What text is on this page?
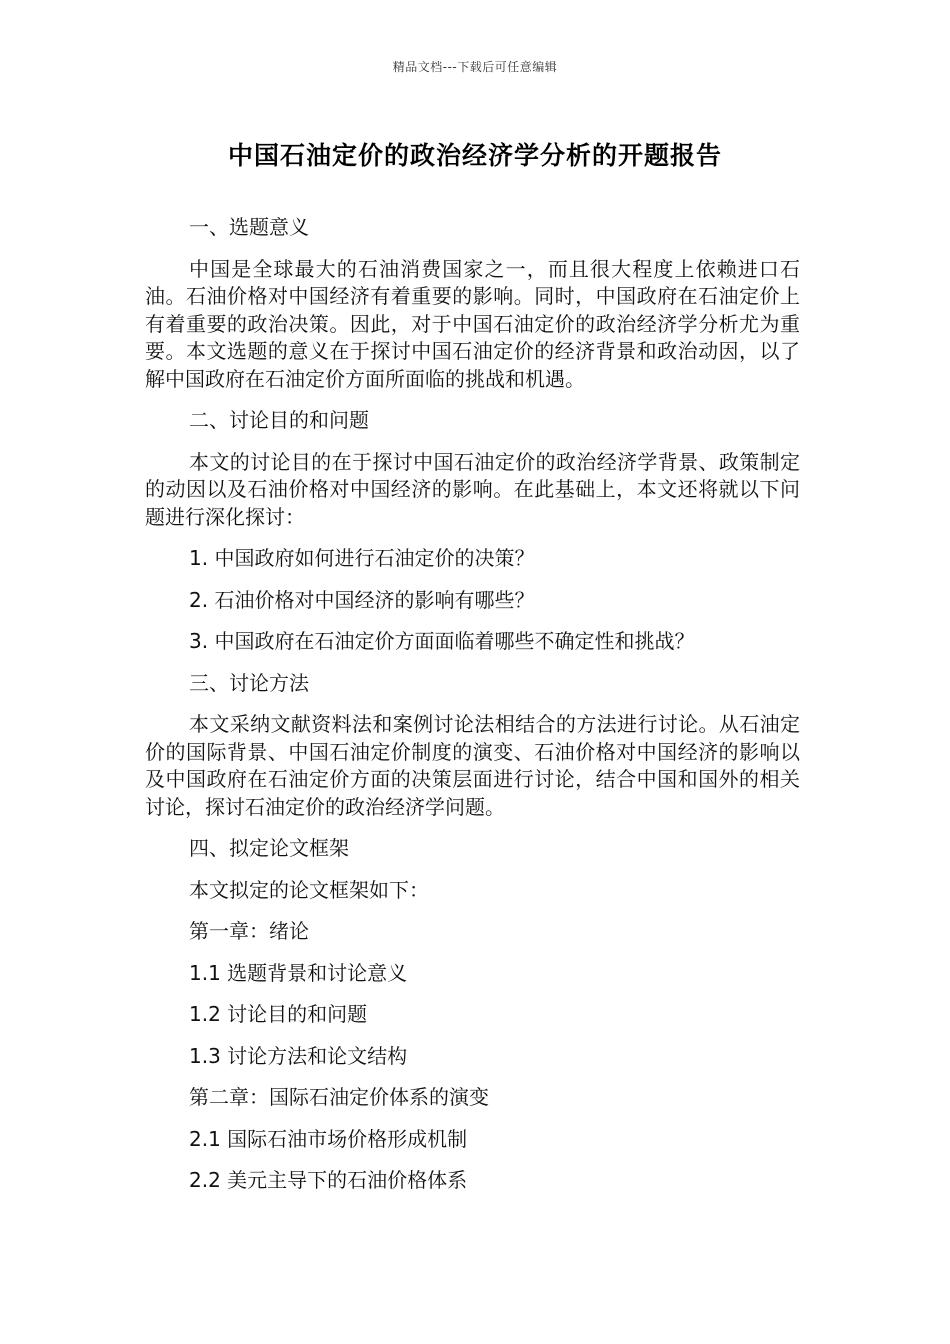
精品文档---下载后可任意编辑
中国石油定价的政治经济学分析的开题报告

一、选题意义

中国是全球最大的石油消费国家之一，而且很大程度上依赖进口石油。石油价格对中国经济有着重要的影响。同时，中国政府在石油定价上有着重要的政治决策。因此，对于中国石油定价的政治经济学分析尤为重要。本文选题的意义在于探讨中国石油定价的经济背景和政治动因，以了解中国政府在石油定价方面所面临的挑战和机遇。

二、讨论目的和问题

本文的讨论目的在于探讨中国石油定价的政治经济学背景、政策制定的动因以及石油价格对中国经济的影响。在此基础上，本文还将就以下问题进行深化探讨：

1. 中国政府如何进行石油定价的决策？

2. 石油价格对中国经济的影响有哪些？

3. 中国政府在石油定价方面面临着哪些不确定性和挑战？

三、讨论方法

本文采纳文献资料法和案例讨论法相结合的方法进行讨论。从石油定价的国际背景、中国石油定价制度的演变、石油价格对中国经济的影响以及中国政府在石油定价方面的决策层面进行讨论，结合中国和国外的相关讨论，探讨石油定价的政治经济学问题。

四、拟定论文框架

本文拟定的论文框架如下：

第一章：绪论

1.1 选题背景和讨论意义

1.2 讨论目的和问题

1.3 讨论方法和论文结构

第二章：国际石油定价体系的演变

2.1 国际石油市场价格形成机制

2.2 美元主导下的石油价格体系
